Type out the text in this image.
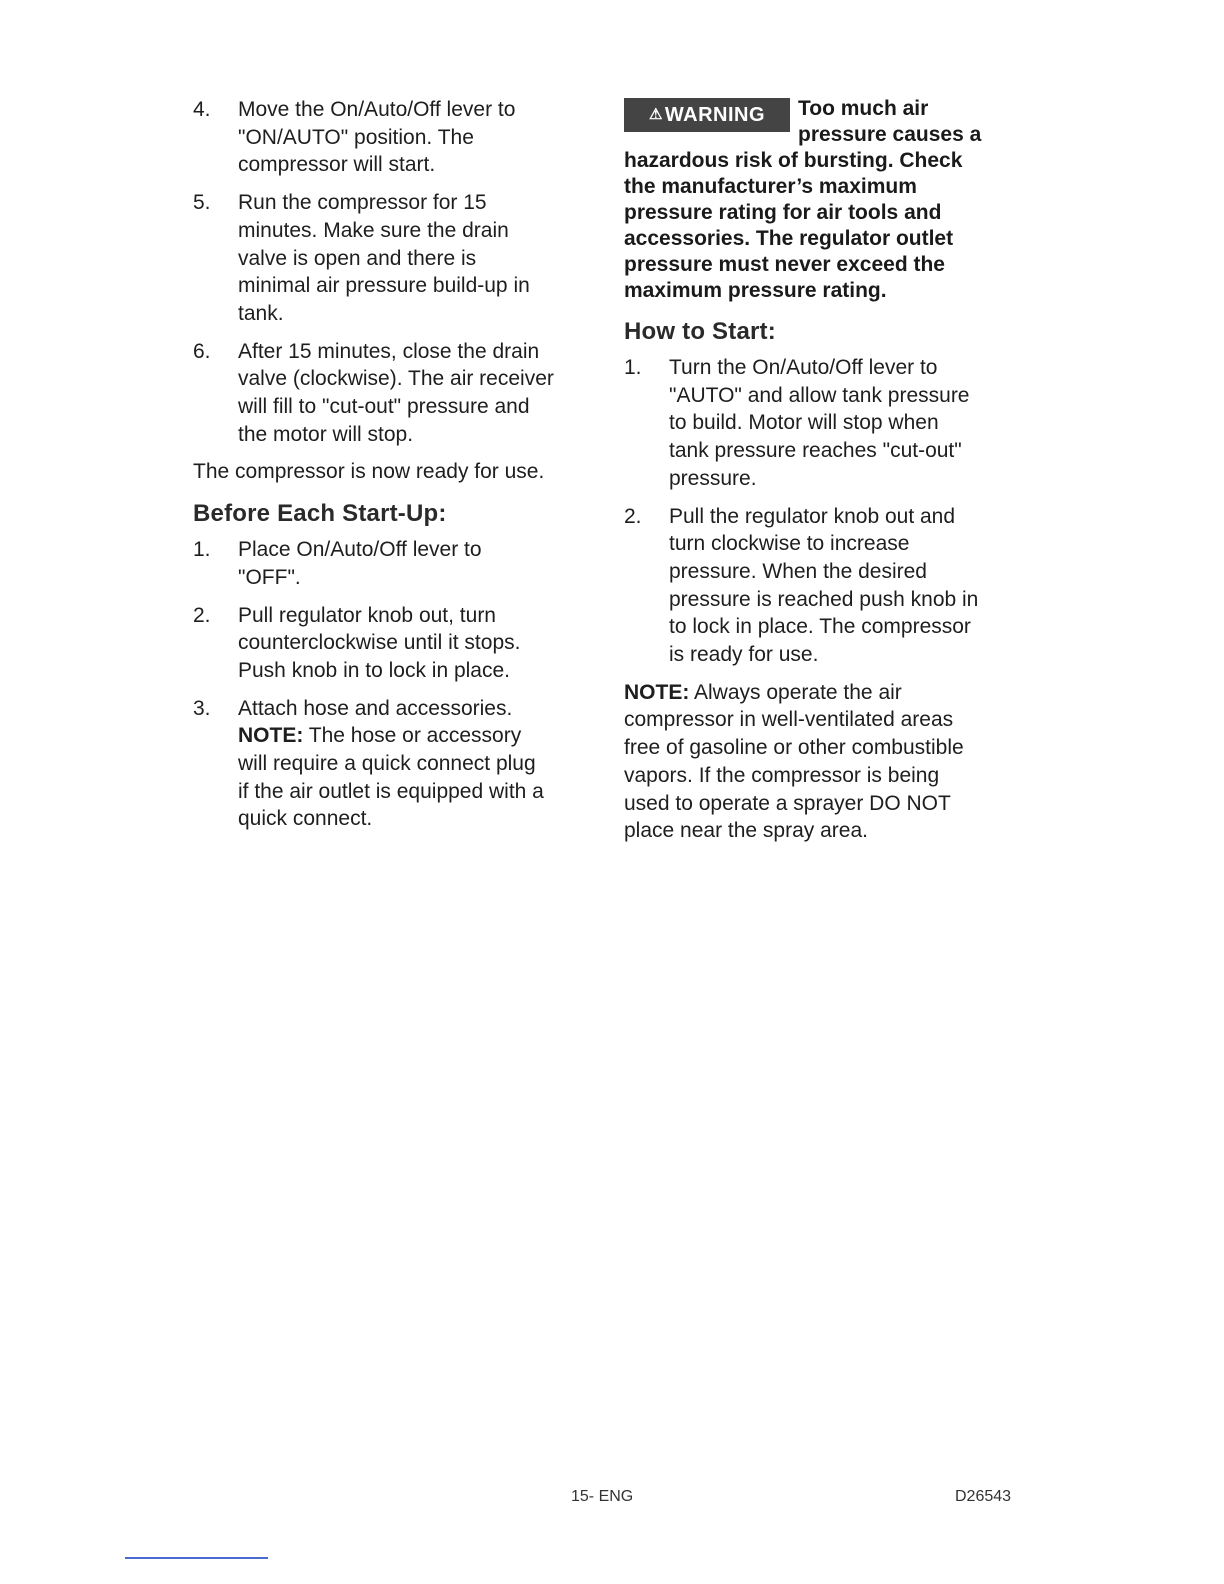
4.	Move the On/Auto/Off lever to
"ON/AUTO" position. The
compressor will start.
5.	Run the compressor for 15
minutes. Make sure the drain
valve is open and there is
minimal air pressure build-up in
tank.
6.	After 15 minutes, close the drain
valve (clockwise). The air receiver
will fill to "cut-out" pressure and
the motor will stop.
The compressor is now ready for use.
Before Each Start-Up:
1.	Place On/Auto/Off lever to
"OFF".
2.	Pull regulator knob out, turn
counterclockwise until it stops.
Push knob in to lock in place.
3.	Attach hose and accessories.
NOTE: The hose or accessory
will require a quick connect plug
if the air outlet is equipped with a
quick connect.
⚠ WARNING Too much air
pressure causes a
hazardous risk of bursting. Check
the manufacturer’s maximum
pressure rating for air tools and
accessories. The regulator outlet
pressure must never exceed the
maximum pressure rating.
How to Start:
1.	Turn the On/Auto/Off lever to
"AUTO" and allow tank pressure
to build. Motor will stop when
tank pressure reaches "cut-out"
pressure.
2.	Pull the regulator knob out and
turn clockwise to increase
pressure. When the desired
pressure is reached push knob in
to lock in place. The compressor
is ready for use.
NOTE: Always operate the air
compressor in well-ventilated areas
free of gasoline or other combustible
vapors. If the compressor is being
used to operate a sprayer DO NOT
place near the spray area.
15- ENG	D26543
